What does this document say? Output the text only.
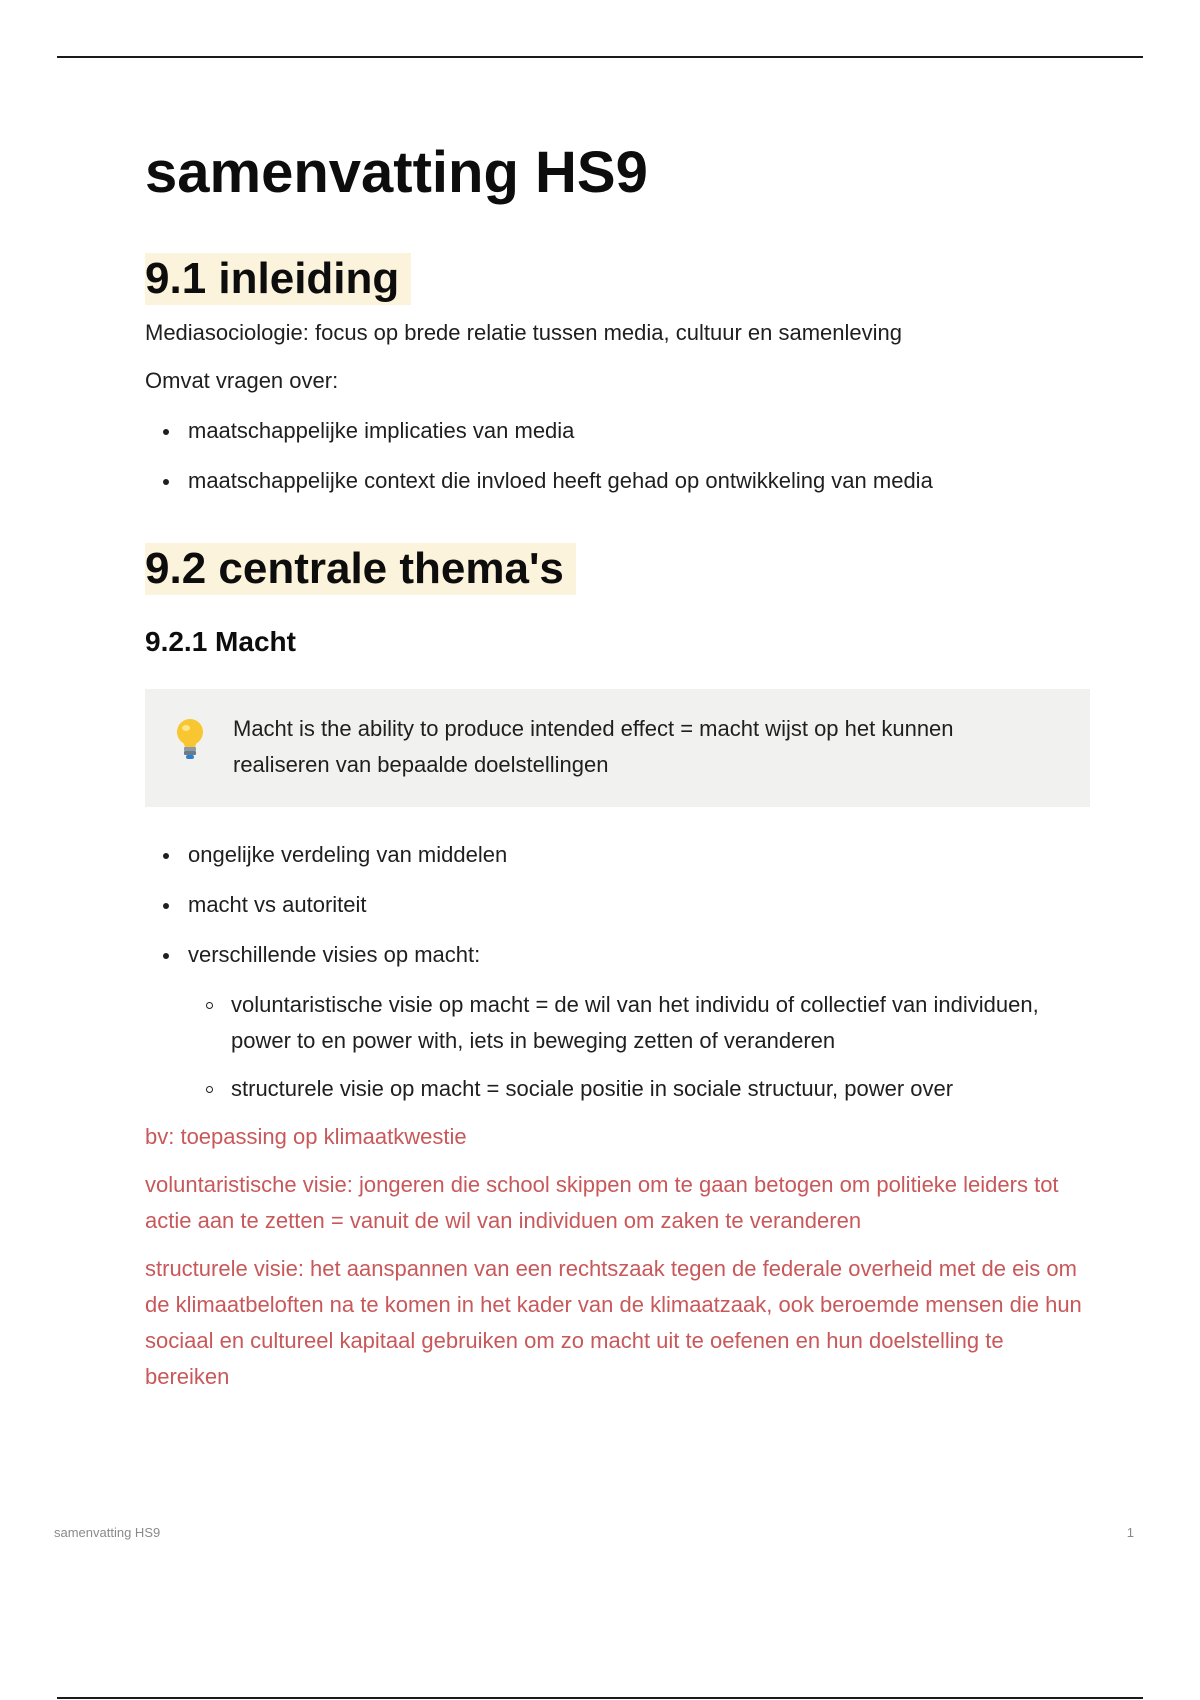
samenvatting HS9
9.1 inleiding

Mediasociologie: focus op brede relatie tussen media, cultuur en samenleving

Omvat vragen over:

maatschappelijke implicaties van media
maatschappelijke context die invloed heeft gehad op ontwikkeling van media
9.2 centrale thema's
9.2.1 Macht
Macht is the ability to produce intended effect = macht wijst op het kunnen realiseren van bepaalde doelstellingen
ongelijke verdeling van middelen
macht vs autoriteit
verschillende visies op macht:
voluntaristische visie op macht = de wil van het individu of collectief van individuen, power to en power with, iets in beweging zetten of veranderen
structurele visie op macht = sociale positie in sociale structuur, power over

bv: toepassing op klimaatkwestie

voluntaristische visie: jongeren die school skippen om te gaan betogen om politieke leiders tot actie aan te zetten = vanuit de wil van individuen om zaken te veranderen

structurele visie: het aanspannen van een rechtszaak tegen de federale overheid met de eis om de klimaatbeloften na te komen in het kader van de klimaatzaak, ook beroemde mensen die hun sociaal en cultureel kapitaal gebruiken om zo macht uit te oefenen en hun doelstelling te bereiken

samenvatting HS9	1
